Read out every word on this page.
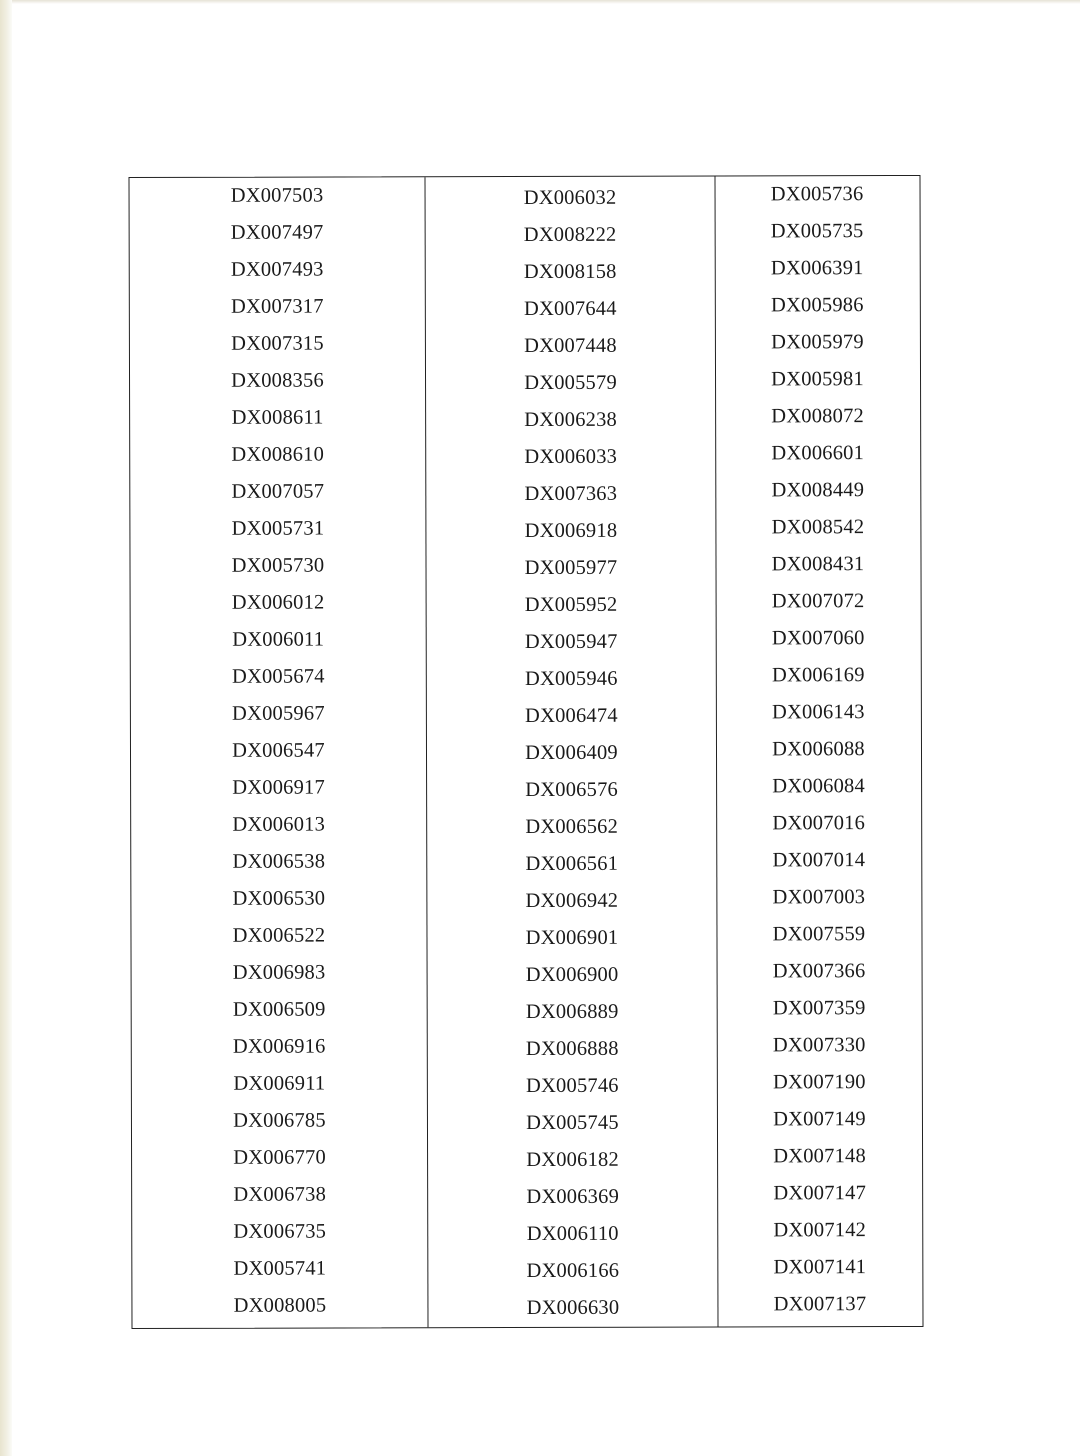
DX007503
DX007497
DX007493
DX007317
DX007315
DX008356
DX008611
DX008610
DX007057
DX005731
DX005730
DX006012
DX006011
DX005674
DX005967
DX006547
DX006917
DX006013
DX006538
DX006530
DX006522
DX006983
DX006509
DX006916
DX006911
DX006785
DX006770
DX006738
DX006735
DX005741
DX008005
DX006032
DX008222
DX008158
DX007644
DX007448
DX005579
DX006238
DX006033
DX007363
DX006918
DX005977
DX005952
DX005947
DX005946
DX006474
DX006409
DX006576
DX006562
DX006561
DX006942
DX006901
DX006900
DX006889
DX006888
DX005746
DX005745
DX006182
DX006369
DX006110
DX006166
DX006630
DX005736
DX005735
DX006391
DX005986
DX005979
DX005981
DX008072
DX006601
DX008449
DX008542
DX008431
DX007072
DX007060
DX006169
DX006143
DX006088
DX006084
DX007016
DX007014
DX007003
DX007559
DX007366
DX007359
DX007330
DX007190
DX007149
DX007148
DX007147
DX007142
DX007141
DX007137
